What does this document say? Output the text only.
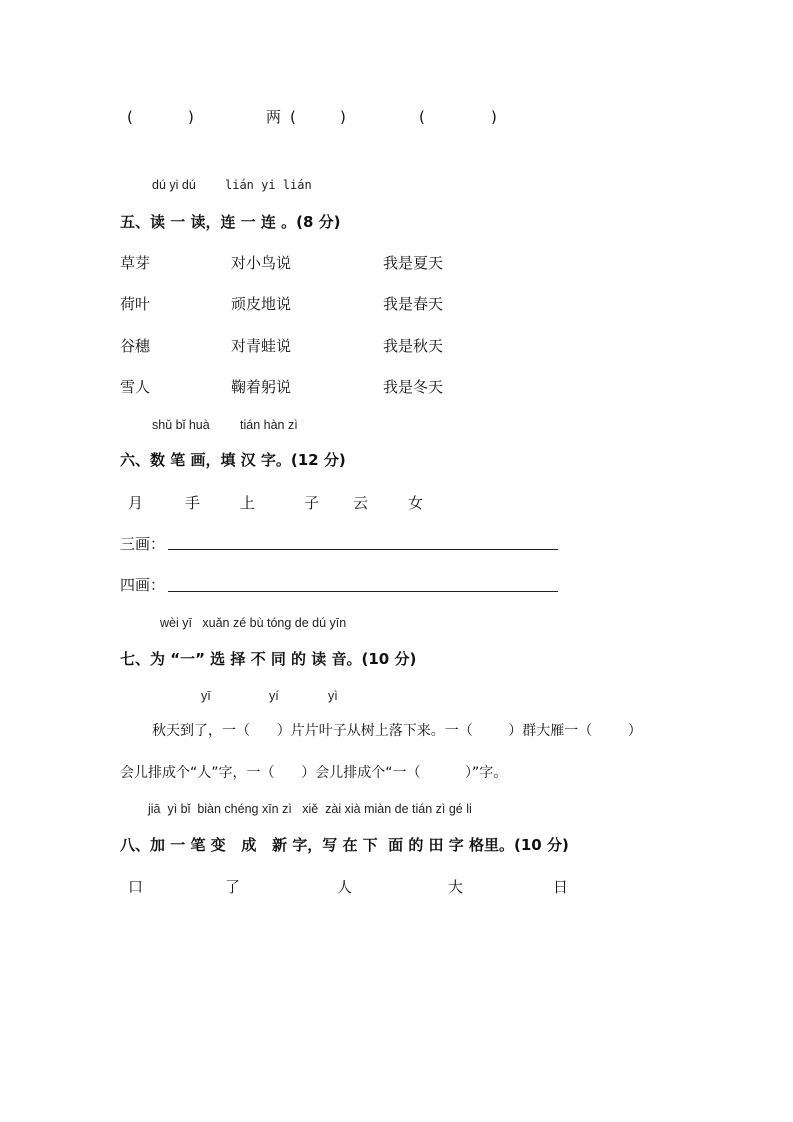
(	)	两 (	)	(	)
dú yi dú lián yi lián
五、读 一 读，连 一 连 。(8 分)
草芽	对小鸟说	我是夏天
荷叶	顽皮地说	我是春天
谷穗	对青蛙说	我是秋天
雪人	鞠着躬说	我是冬天
shǔ bǐ huà tián hàn zì
六、数 笔 画，填 汉 字。(12 分)
月	手	上	子 云	女
三画：
四画：
wèi yī   xuǎn zé bù tóng de dú yīn
七、为 “一” 选 择 不 同 的 读 音。(10 分)
yī	yí	yì
秋天到了，一（      ）片片叶子从树上落下来。一（        ）群大雁一（        ）
会儿排成个“人”字，一（      ）会儿排成个“一（          ）”字。
jiā  yì bǐ  biàn chéng xīn zì   xiě  zài xià miàn de tián zì gé li
八、加 一 笔 变   成   新 字，写 在 下  面 的 田 字 格里。(10 分)
口	了	人	大	日
